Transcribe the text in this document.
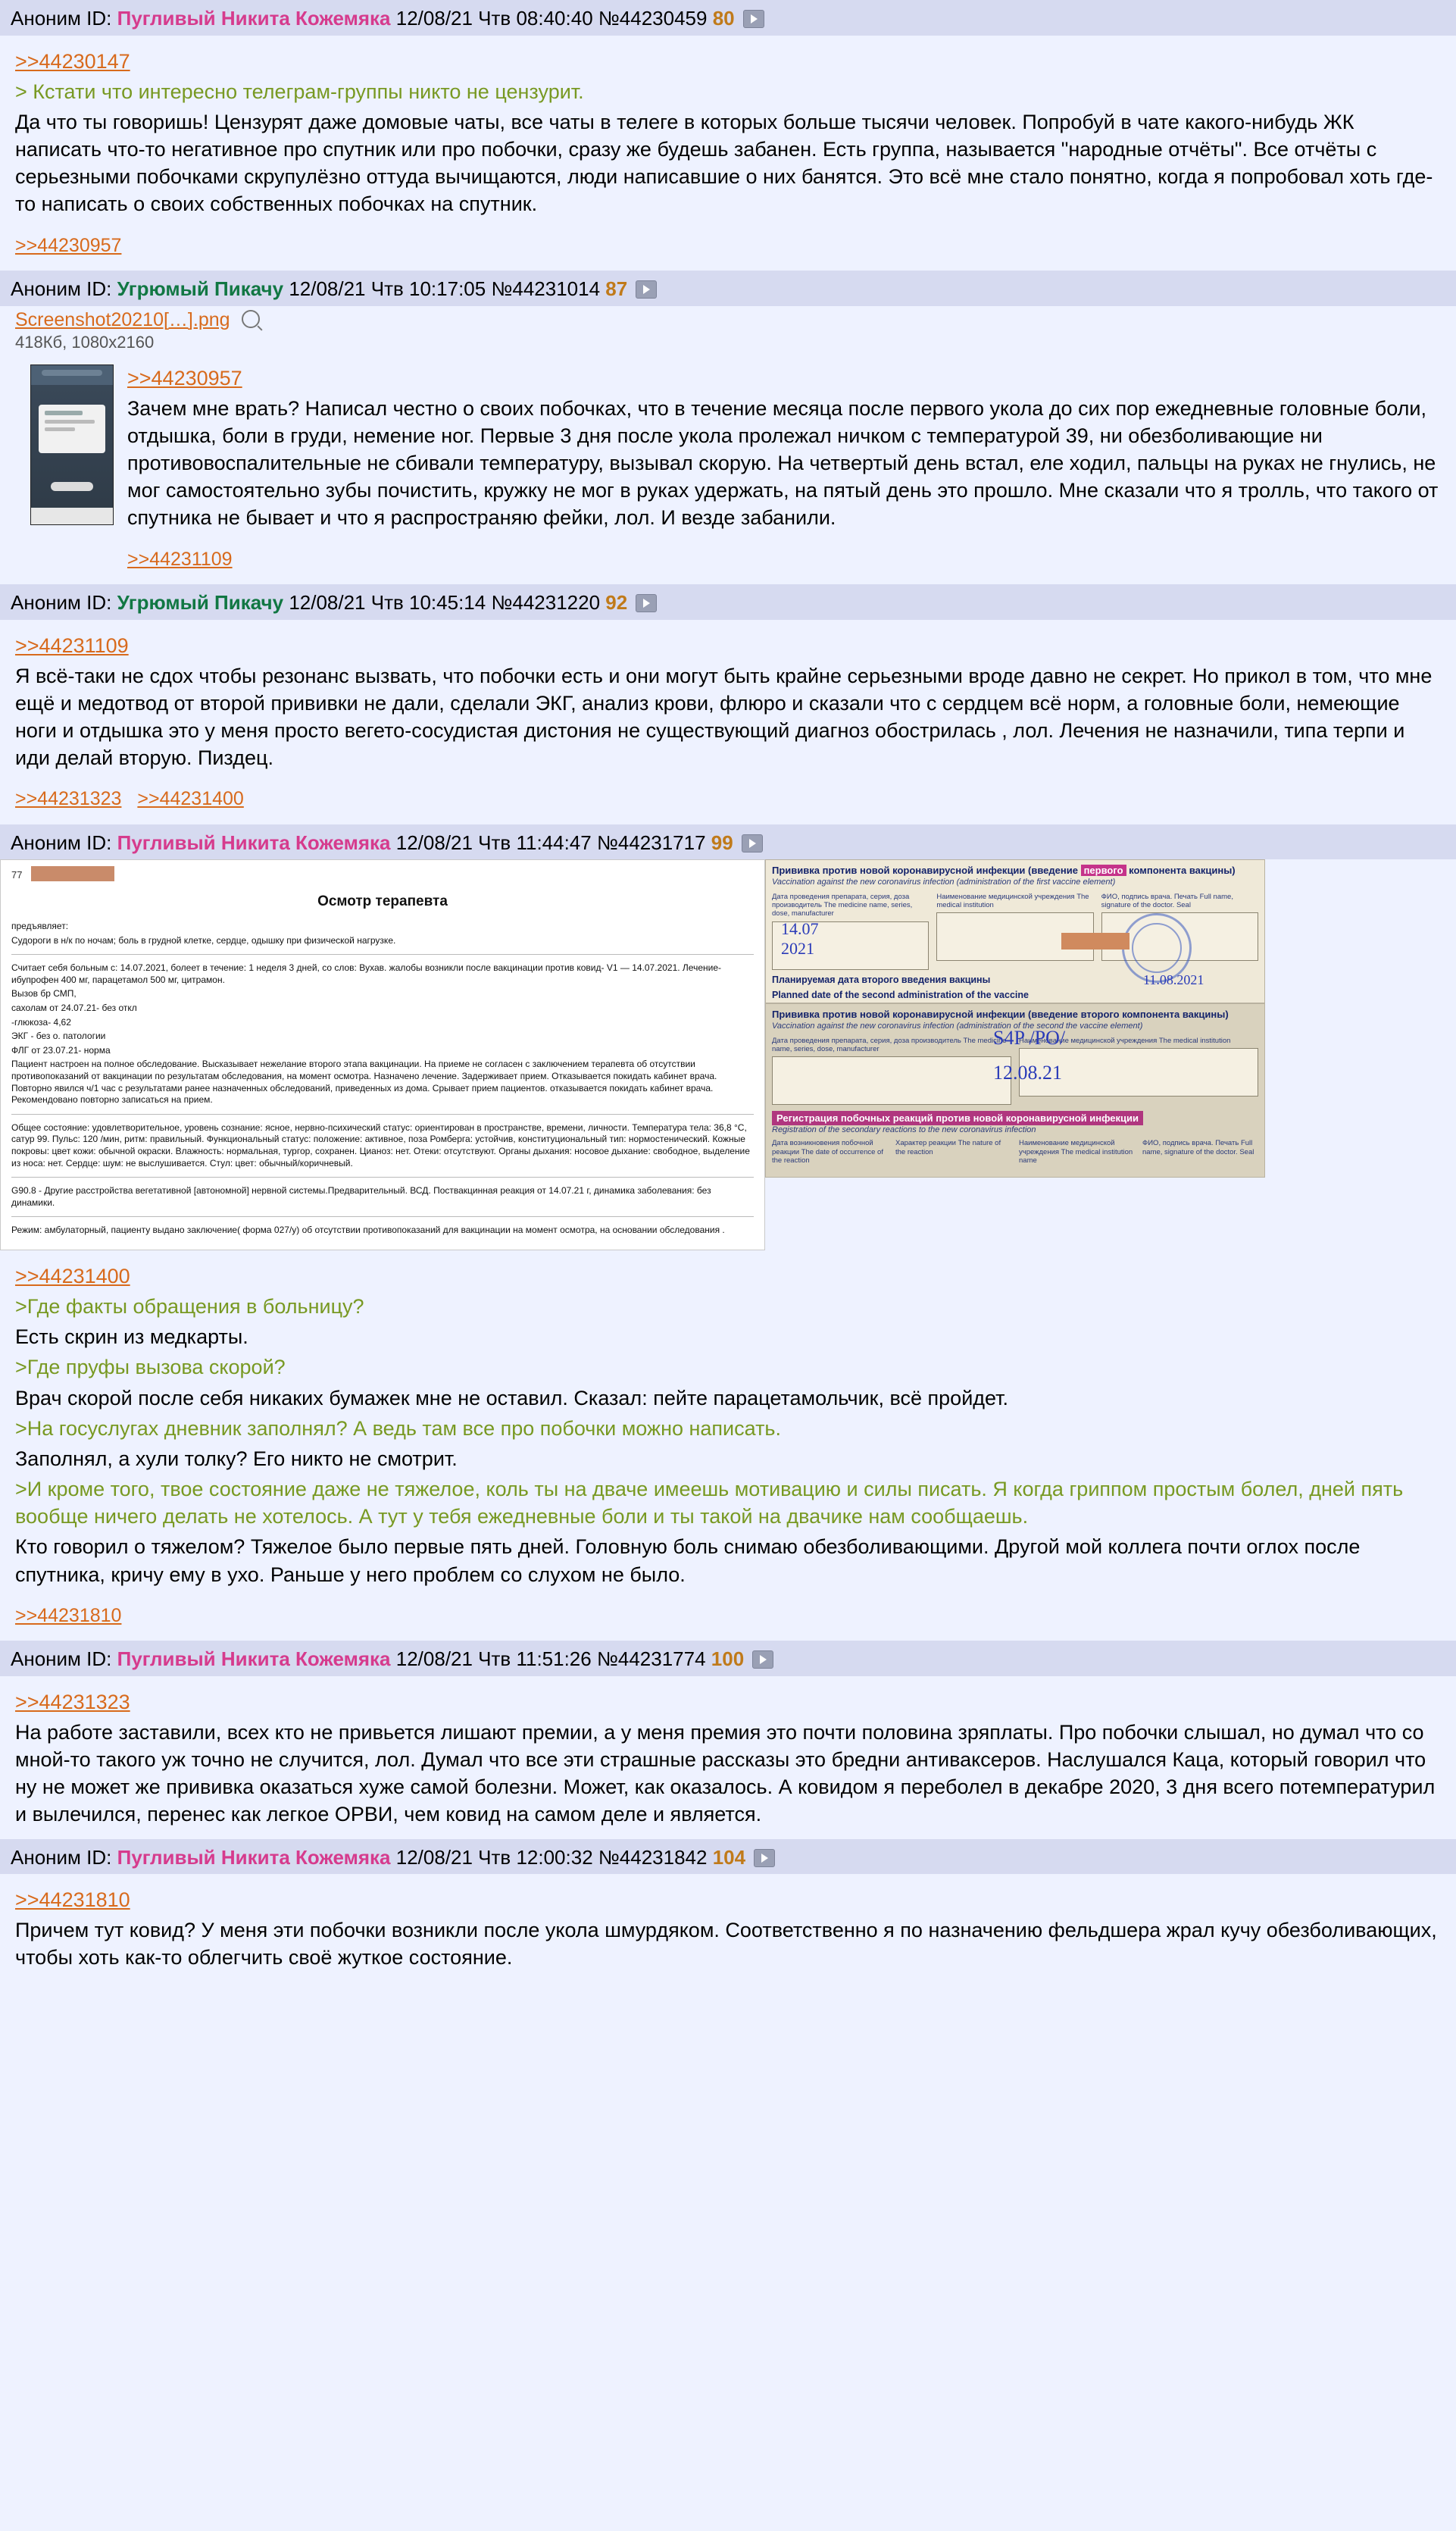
Аноним ID: Пугливый Никита Кожемяка 12/08/21 Чтв 08:40:40 №44230459 80
>>44230147
> Кстати что интересно телеграм-группы никто не цензурит.
Да что ты говоришь! Цензурят даже домовые чаты, все чаты в телеге в которых больше тысячи человек. Попробуй в чате какого-нибудь ЖК написать что-то негативное про спутник или про побочки, сразу же будешь забанен. Есть группа, называется "народные отчёты". Все отчёты с серьезными побочками скрупулёзно оттуда вычищаются, люди написавшие о них банятся. Это всё мне стало понятно, когда я попробовал хоть где-то написать о своих собственных побочках на спутник.
>>44230957
Аноним ID: Угрюмый Пикачу 12/08/21 Чтв 10:17:05 №44231014 87
Screenshot20210[…].png
418Кб, 1080x2160
>>44230957
Зачем мне врать? Написал честно о своих побочках, что в течение месяца после первого укола до сих пор ежедневные головные боли, отдышка, боли в груди, немение ног. Первые 3 дня после укола пролежал ничком с температурой 39, ни обезболивающие ни противовоспалительные не сбивали температуру, вызывал скорую. На четвертый день встал, еле ходил, пальцы на руках не гнулись, не мог самостоятельно зубы почистить, кружку не мог в руках удержать, на пятый день это прошло. Мне сказали что я тролль, что такого от спутника не бывает и что я распространяю фейки, лол. И везде забанили.
>>44231109
Аноним ID: Угрюмый Пикачу 12/08/21 Чтв 10:45:14 №44231220 92
>>44231109
Я всё-таки не сдох чтобы резонанс вызвать, что побочки есть и они могут быть крайне серьезными вроде давно не секрет. Но прикол в том, что мне ещё и медотвод от второй прививки не дали, сделали ЭКГ, анализ крови, флюро и сказали что с сердцем всё норм, а головные боли, немеющие ноги и отдышка это у меня просто вегето-сосудистая дистония не существующий диагноз обострилась , лол. Лечения не назначили, типа терпи и иди делай вторую. Пиздец.
>>44231323 >>44231400
Аноним ID: Пугливый Никита Кожемяка 12/08/21 Чтв 11:44:47 №44231717 99
77
Осмотр терапевта

предъявляет:

Судороги в н/к по ночам; боль в грудной клетке, сердце, одышку при физической нагрузке.

Считает себя больным с: 14.07.2021, болеет в течение: 1 неделя 3 дней, со слов: Вухав. жалобы возникли после вакцинации против ковид- V1 — 14.07.2021. Лечение-ибупрофен 400 мг, парацетамол 500 мг, цитрамон.

Вызов бр СМП,

сахолам от 24.07.21- без откл

-глюкоза- 4,62

ЭКГ - без о. патологии

ФЛГ от 23.07.21- норма

Пациент настроен на полное обследование. Высказывает нежелание второго этапа вакцинации. На приеме не согласен с заключением терапевта об отсутствии противопоказаний от вакцинации по результатам обследования, на момент осмотра. Назначено лечение. Задерживает прием. Отказывается покидать кабинет врача. Повторно явился ч/1 час с результатами ранее назначенных обследований, приведенных из дома. Срывает прием пациентов. отказывается покидать кабинет врача. Рекомендовано повторно записаться на прием.

Общее состояние: удовлетворительное, уровень сознание: ясное, нервно-психический статус: ориентирован в пространстве, времени, личности. Температура тела: 36,8 °C, сатур 99. Пульс: 120 /мин, ритм: правильный. Функциональный статус: положение: активное, поза Ромберга: устойчив, конституциональный тип: нормостенический. Кожные покровы: цвет кожи: обычной окраски. Влажность: нормальная, тургор, сохранен. Цианоз: нет. Отеки: отсутствуют. Органы дыхания: носовое дыхание: свободное, выделение из носа: нет. Сердце: шум: не выслушивается. Стул: цвет: обычный/коричневый.

G90.8 - Другие расстройства вегетативной [автономной] нервной системы.Предварительный. ВСД. Поствакцинная реакция от 14.07.21 г, динамика заболевания: без динамики.

Режим: амбулаторный, пациенту выдано заключение( форма 027/у) об отсутствии противопоказаний для вакцинации на момент осмотра, на основании обследования .

Прививка против новой коронавирусной инфекции (введение первого компонента вакцины)
Vaccination against the new coronavirus infection (administration of the first vaccine element)
Дата проведения препарата, серия, доза производитель The medicine name, series, dose, manufacturer
Наименование медицинской учреждения The medical institution
ФИО, подпись врача. Печать Full name, signature of the doctor. Seal
Планируемая дата второго введения вакцины
Planned date of the second administration of the vaccine
14.07
2021
11.08.2021
Прививка против новой коронавирусной инфекции (введение второго компонента вакцины)
Vaccination against the new coronavirus infection (administration of the second the vaccine element)
Дата проведения препарата, серия, доза производитель The medicine name, series, dose, manufacturer
Наименование медицинской учреждения The medical institution
Регистрация побочных реакций против новой коронавирусной инфекции
Registration of the secondary reactions to the new coronavirus infection
Дата возникновения побочной реакции The date of occurrence of the reaction
Характер реакции The nature of the reaction
Наименование медицинской учреждения The medical institution name
ФИО, подпись врача. Печать Full name, signature of the doctor. Seal
S4P /PO/
12.08.21
>>44231400
>Где факты обращения в больницу?
Есть скрин из медкарты.
>Где пруфы вызова скорой?
Врач скорой после себя никаких бумажек мне не оставил. Сказал: пейте парацетамольчик, всё пройдет.
>На госуслугах дневник заполнял? А ведь там все про побочки можно написать.
Заполнял, а хули толку? Его никто не смотрит.
>И кроме того, твое состояние даже не тяжелое, коль ты на двачe имеешь мотивацию и силы писать. Я когда гриппом простым болел, дней пять вообще ничего делать не хотелось. А тут у тебя ежедневные боли и ты такой на двачике нам сообщаешь.
Кто говорил о тяжелом? Тяжелое было первые пять дней. Головную боль снимаю обезболивающими. Другой мой коллега почти оглох после спутника, кричу ему в ухо. Раньше у него проблем со слухом не было.
>>44231810
Аноним ID: Пугливый Никита Кожемяка 12/08/21 Чтв 11:51:26 №44231774 100
>>44231323
На работе заставили, всех кто не привьется лишают премии, а у меня премия это почти половина зряплаты. Про побочки слышал, но думал что со мной-то такого уж точно не случится, лол. Думал что все эти страшные рассказы это бредни антиваксеров. Наслушался Каца, который говорил что ну не может же прививка оказаться хуже самой болезни. Может, как оказалось. А ковидом я переболел в декабре 2020, 3 дня всего потемпературил и вылечился, перенес как легкое ОРВИ, чем ковид на самом деле и является.
Аноним ID: Пугливый Никита Кожемяка 12/08/21 Чтв 12:00:32 №44231842 104
>>44231810
Причем тут ковид? У меня эти побочки возникли после укола шмурдяком. Соответственно я по назначению фельдшера жрал кучу обезболивающих, чтобы хоть как-то облегчить своё жуткое состояние.
